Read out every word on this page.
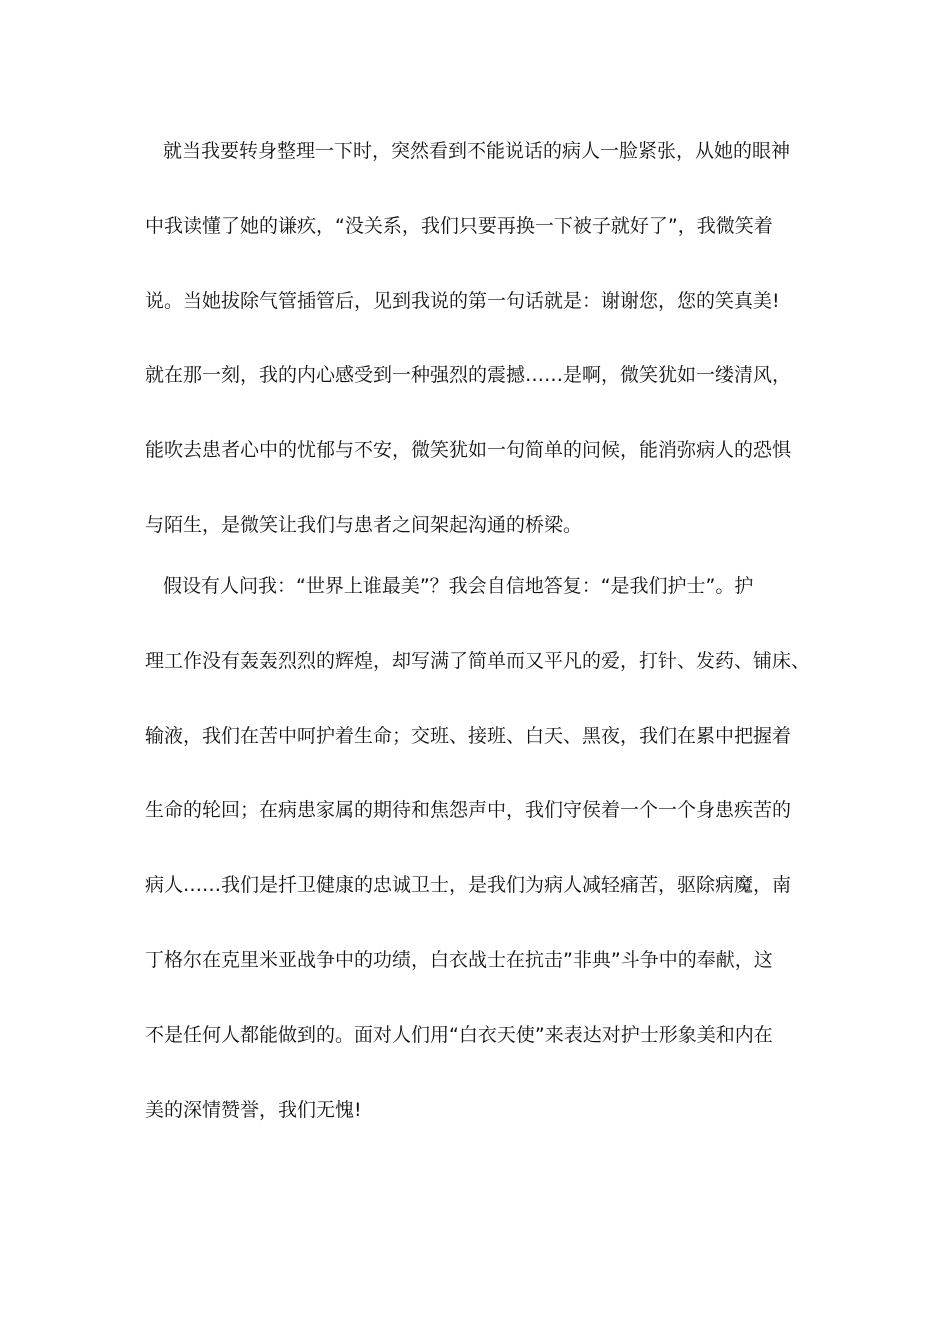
就当我要转身整理一下时，突然看到不能说话的病人一脸紧张，从她的眼神

中我读懂了她的谦疚，“没关系，我们只要再换一下被子就好了”，我微笑着

说。当她拔除气管插管后，见到我说的第一句话就是：谢谢您，您的笑真美!

就在那一刻，我的内心感受到一种强烈的震撼……是啊，微笑犹如一缕清风，

能吹去患者心中的忧郁与不安，微笑犹如一句简单的问候，能消弥病人的恐惧

与陌生，是微笑让我们与患者之间架起沟通的桥梁。

假设有人问我：“世界上谁最美”？我会自信地答复：“是我们护士”。护

理工作没有轰轰烈烈的辉煌，却写满了简单而又平凡的爱，打针、发药、铺床、

输液，我们在苦中呵护着生命；交班、接班、白天、黑夜，我们在累中把握着

生命的轮回；在病患家属的期待和焦怨声中，我们守侯着一个一个身患疾苦的

病人……我们是扦卫健康的忠诚卫士，是我们为病人减轻痛苦，驱除病魔，南

丁格尔在克里米亚战争中的功绩，白衣战士在抗击”非典”斗争中的奉献，这

不是任何人都能做到的。面对人们用“白衣天使”来表达对护士形象美和内在

美的深情赞誉，我们无愧!
